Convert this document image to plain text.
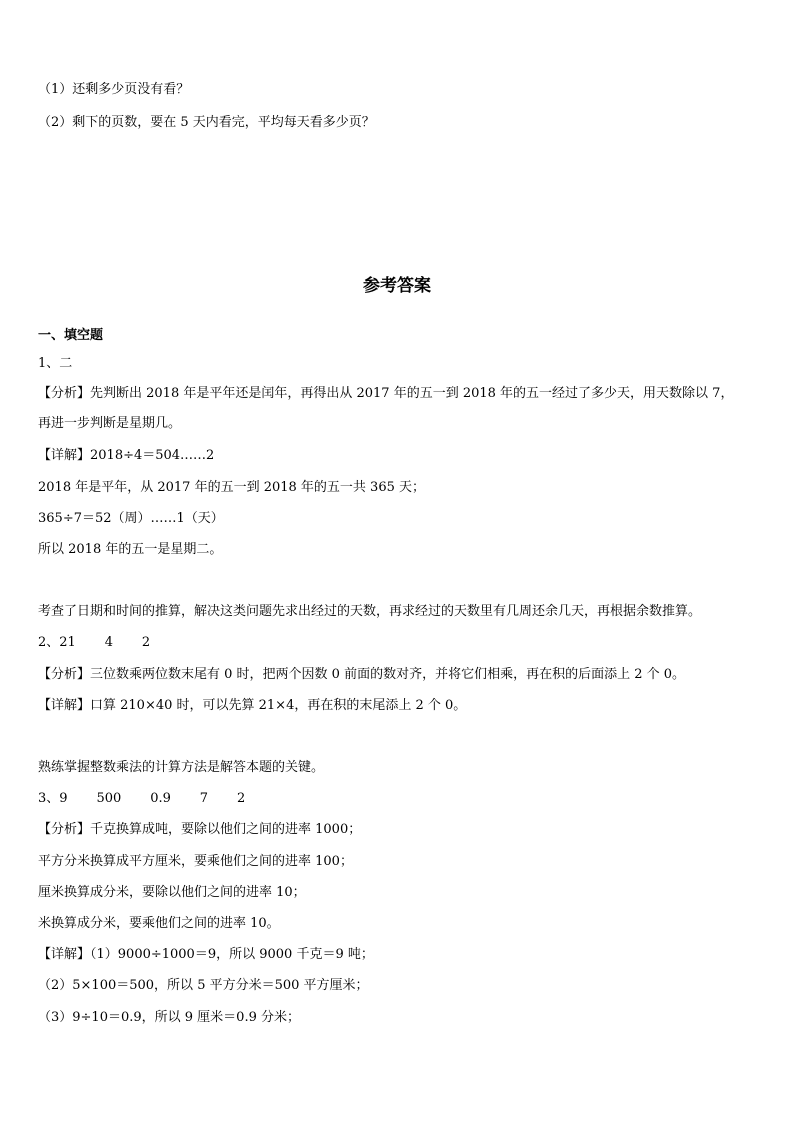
（1）还剩多少页没有看？
（2）剩下的页数，要在 5 天内看完，平均每天看多少页？
参考答案
一、填空题
1、二
【分析】先判断出 2018 年是平年还是闰年，再得出从 2017 年的五一到 2018 年的五一经过了多少天，用天数除以 7，
再进一步判断是星期几。
【详解】2018÷4＝504……2
2018 年是平年，从 2017 年的五一到 2018 年的五一共 365 天；
365÷7＝52（周）……1（天）
所以 2018 年的五一是星期二。
考查了日期和时间的推算，解决这类问题先求出经过的天数，再求经过的天数里有几周还余几天，再根据余数推算。
2、21       4       2
【分析】三位数乘两位数末尾有 0 时，把两个因数 0 前面的数对齐，并将它们相乘，再在积的后面添上 2 个 0。
【详解】口算 210×40 时，可以先算 21×4，再在积的末尾添上 2 个 0。
熟练掌握整数乘法的计算方法是解答本题的关键。
3、9       500       0.9       7       2
【分析】千克换算成吨，要除以他们之间的进率 1000；
平方分米换算成平方厘米，要乘他们之间的进率 100；
厘米换算成分米，要除以他们之间的进率 10；
米换算成分米，要乘他们之间的进率 10。
【详解】（1）9000÷1000＝9，所以 9000 千克＝9 吨；
（2）5×100＝500，所以 5 平方分米＝500 平方厘米；
（3）9÷10＝0.9，所以 9 厘米＝0.9 分米；
